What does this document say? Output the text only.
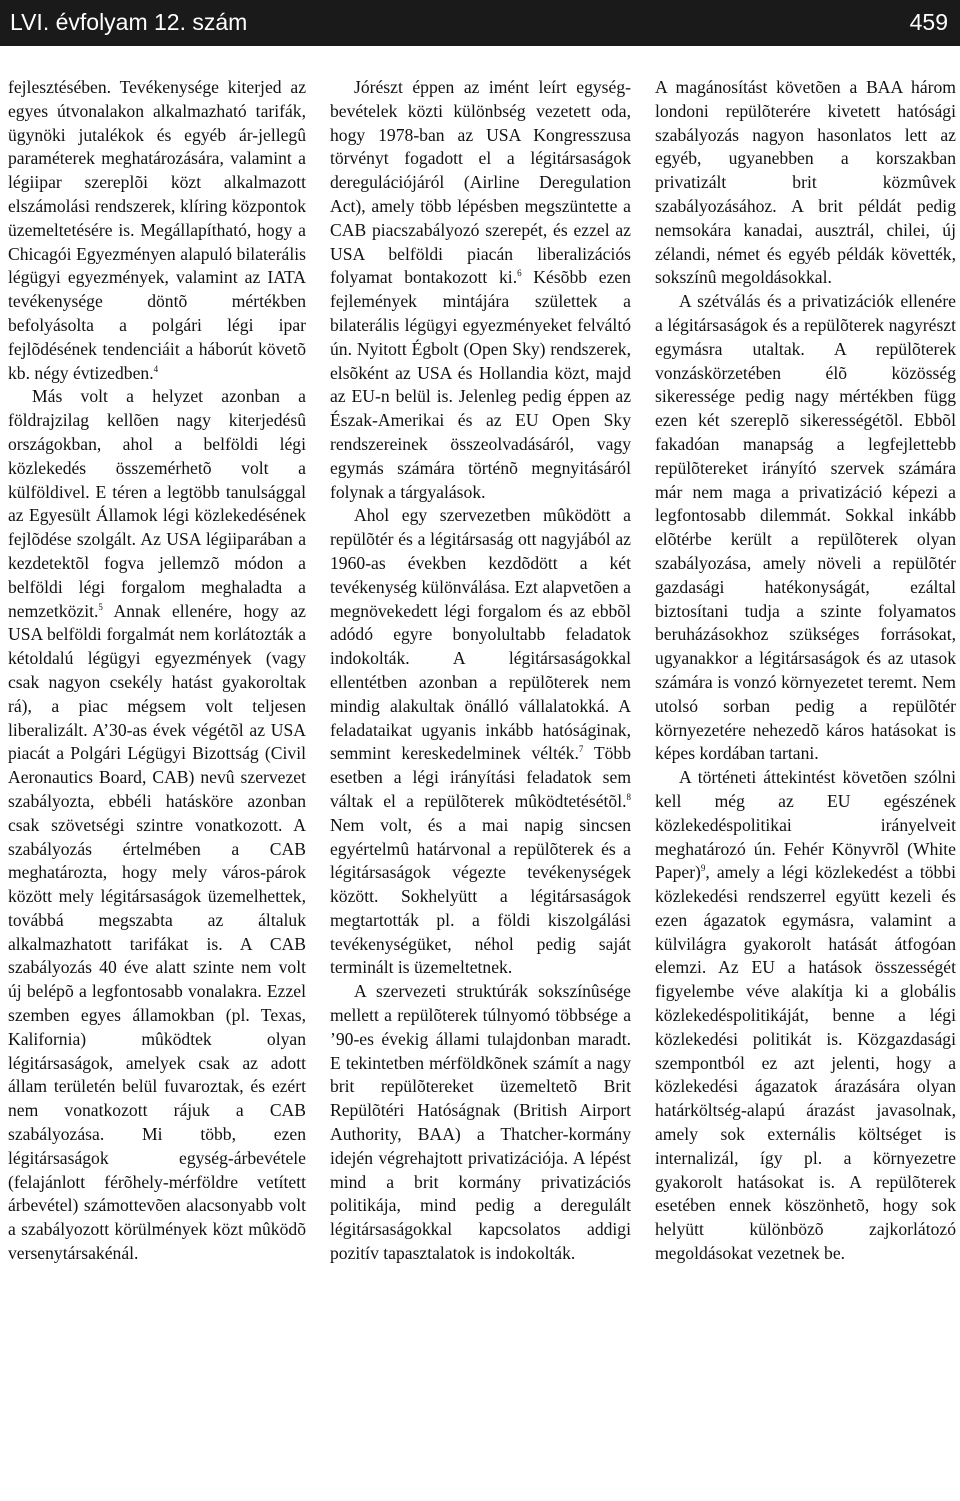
LVI. évfolyam 12. szám	459

fejlesztésében. Tevékenysége kiterjed az egyes útvonalakon alkalmazható tarifák, ügynöki jutalékok és egyéb ár-jellegû paraméterek meghatározására, valamint a légiipar szereplõi közt alkalmazott elszámolási rendszerek, klíring központok üzemeltetésére is. Megállapítható, hogy a Chicagói Egyezményen alapuló bilaterális légügyi egyezmények, valamint az IATA tevékenysége döntõ mértékben befolyásolta a polgári légi ipar fejlõdésének tendenciáit a háborút követõ kb. négy évtizedben.$^4$

Más volt a helyzet azonban a földrajzilag kellõen nagy kiterjedésû országokban, ahol a belföldi légi közlekedés összemérhetõ volt a külföldivel. E téren a legtöbb tanulsággal az Egyesült Államok légi közlekedésének fejlõdése szolgált. Az USA légiiparában a kezdetektõl fogva jellemzõ módon a belföldi légi forgalom meghaladta a nemzetközit.$^5$ Annak ellenére, hogy az USA belföldi forgalmát nem korlátozták a kétoldalú légügyi egyezmények (vagy csak nagyon csekély hatást gyakoroltak rá), a piac mégsem volt teljesen liberalizált. A’30-as évek végétõl az USA piacát a Polgári Légügyi Bizottság (Civil Aeronautics Board, CAB) nevû szervezet szabályozta, ebbéli hatásköre azonban csak szövetségi szintre vonatkozott. A szabályozás értelmében a CAB meghatározta, hogy mely város-párok között mely légitársaságok üzemelhettek, továbbá megszabta az általuk alkalmazhatott tarifákat is. A CAB szabályozás 40 éve alatt szinte nem volt új belépõ a legfontosabb vonalakra. Ezzel szemben egyes államokban (pl. Texas, Kalifornia) mûködtek olyan légitársaságok, amelyek csak az adott állam területén belül fuvaroztak, és ezért nem vonatkozott rájuk a CAB szabályozása. Mi több, ezen légitársaságok egység-árbevétele (felajánlott férõhely-mérföldre vetített árbevétel) számottevõen alacsonyabb volt a szabályozott körülmények közt mûködõ versenytársakénál.

Jórészt éppen az imént leírt egység-bevételek közti különbség vezetett oda, hogy 1978-ban az USA Kongresszusa törvényt fogadott el a légitársaságok deregulációjáról (Airline Deregulation Act), amely több lépésben megszüntette a CAB piacszabályozó szerepét, és ezzel az USA belföldi piacán liberalizációs folyamat bontakozott ki.$^6$ Késõbb ezen fejlemények mintájára születtek a bilaterális légügyi egyezményeket felváltó ún. Nyitott Égbolt (Open Sky) rendszerek, elsõként az USA és Hollandia közt, majd az EU-n belül is. Jelenleg pedig éppen az Észak-Amerikai és az EU Open Sky rendszereinek összeolvadásáról, vagy egymás számára történõ megnyitásáról folynak a tárgyalások.

Ahol egy szervezetben mûködött a repülõtér és a légitársaság ott nagyjából az 1960-as években kezdõdött a két tevékenység különválása. Ezt alapvetõen a megnövekedett légi forgalom és az ebbõl adódó egyre bonyolultabb feladatok indokolták. A légitársaságokkal ellentétben azonban a repülõterek nem mindig alakultak önálló vállalatokká. A feladataikat ugyanis inkább hatóságinak, semmint kereskedelminek vélték.$^7$ Több esetben a légi irányítási feladatok sem váltak el a repülõterek mûködtetésétõl.$^8$ Nem volt, és a mai napig sincsen egyértelmû határvonal a repülõterek és a légitársaságok végezte tevékenységek között. Sokhelyütt a légitársaságok megtartották pl. a földi kiszolgálási tevékenységüket, néhol pedig saját terminált is üzemeltetnek.

A szervezeti struktúrák sokszínûsége mellett a repülõterek túlnyomó többsége a ’90-es évekig állami tulajdonban maradt. E tekintetben mérföldkõnek számít a nagy brit repülõtereket üzemeltetõ Brit Repülõtéri Hatóságnak (British Airport Authority, BAA) a Thatcher-kormány idején végrehajtott privatizációja. A lépést mind a brit kormány privatizációs politikája, mind pedig a deregulált légitársaságokkal kapcsolatos addigi pozitív tapasztalatok is indokolták.

A magánosítást követõen a BAA három londoni repülõterére kivetett hatósági szabályozás nagyon hasonlatos lett az egyéb, ugyanebben a korszakban privatizált brit közmûvek szabályozásához. A brit példát pedig nemsokára kanadai, ausztrál, chilei, új zélandi, német és egyéb példák követték, sokszínû megoldásokkal.

A szétválás és a privatizációk ellenére a légitársaságok és a repülõterek nagyrészt egymásra utaltak. A repülõterek vonzáskörzetében élõ közösség sikeressége pedig nagy mértékben függ ezen két szereplõ sikerességétõl. Ebbõl fakadóan manapság a legfejlettebb repülõtereket irányító szervek számára már nem maga a privatizáció képezi a legfontosabb dilemmát. Sokkal inkább elõtérbe került a repülõterek olyan szabályozása, amely növeli a repülõtér gazdasági hatékonyságát, ezáltal biztosítani tudja a szinte folyamatos beruházásokhoz szükséges forrásokat, ugyanakkor a légitársaságok és az utasok számára is vonzó környezetet teremt. Nem utolsó sorban pedig a repülõtér környezetére nehezedõ káros hatásokat is képes kordában tartani.

A történeti áttekintést követõen szólni kell még az EU egészének közlekedéspolitikai irányelveit meghatározó ún. Fehér Könyvrõl (White Paper)$^9$, amely a légi közlekedést a többi közlekedési rendszerrel együtt kezeli és ezen ágazatok egymásra, valamint a külvilágra gyakorolt hatását átfogóan elemzi. Az EU a hatások összességét figyelembe véve alakítja ki a globális közlekedéspolitikáját, benne a légi közlekedési politikát is. Közgazdasági szempontból ez azt jelenti, hogy a közlekedési ágazatok árazására olyan határköltség-alapú árazást javasolnak, amely sok externális költséget is internalizál, így pl. a környezetre gyakorolt hatásokat is. A repülõterek esetében ennek köszönhetõ, hogy sok helyütt különbözõ zajkorlátozó megoldásokat vezetnek be.
